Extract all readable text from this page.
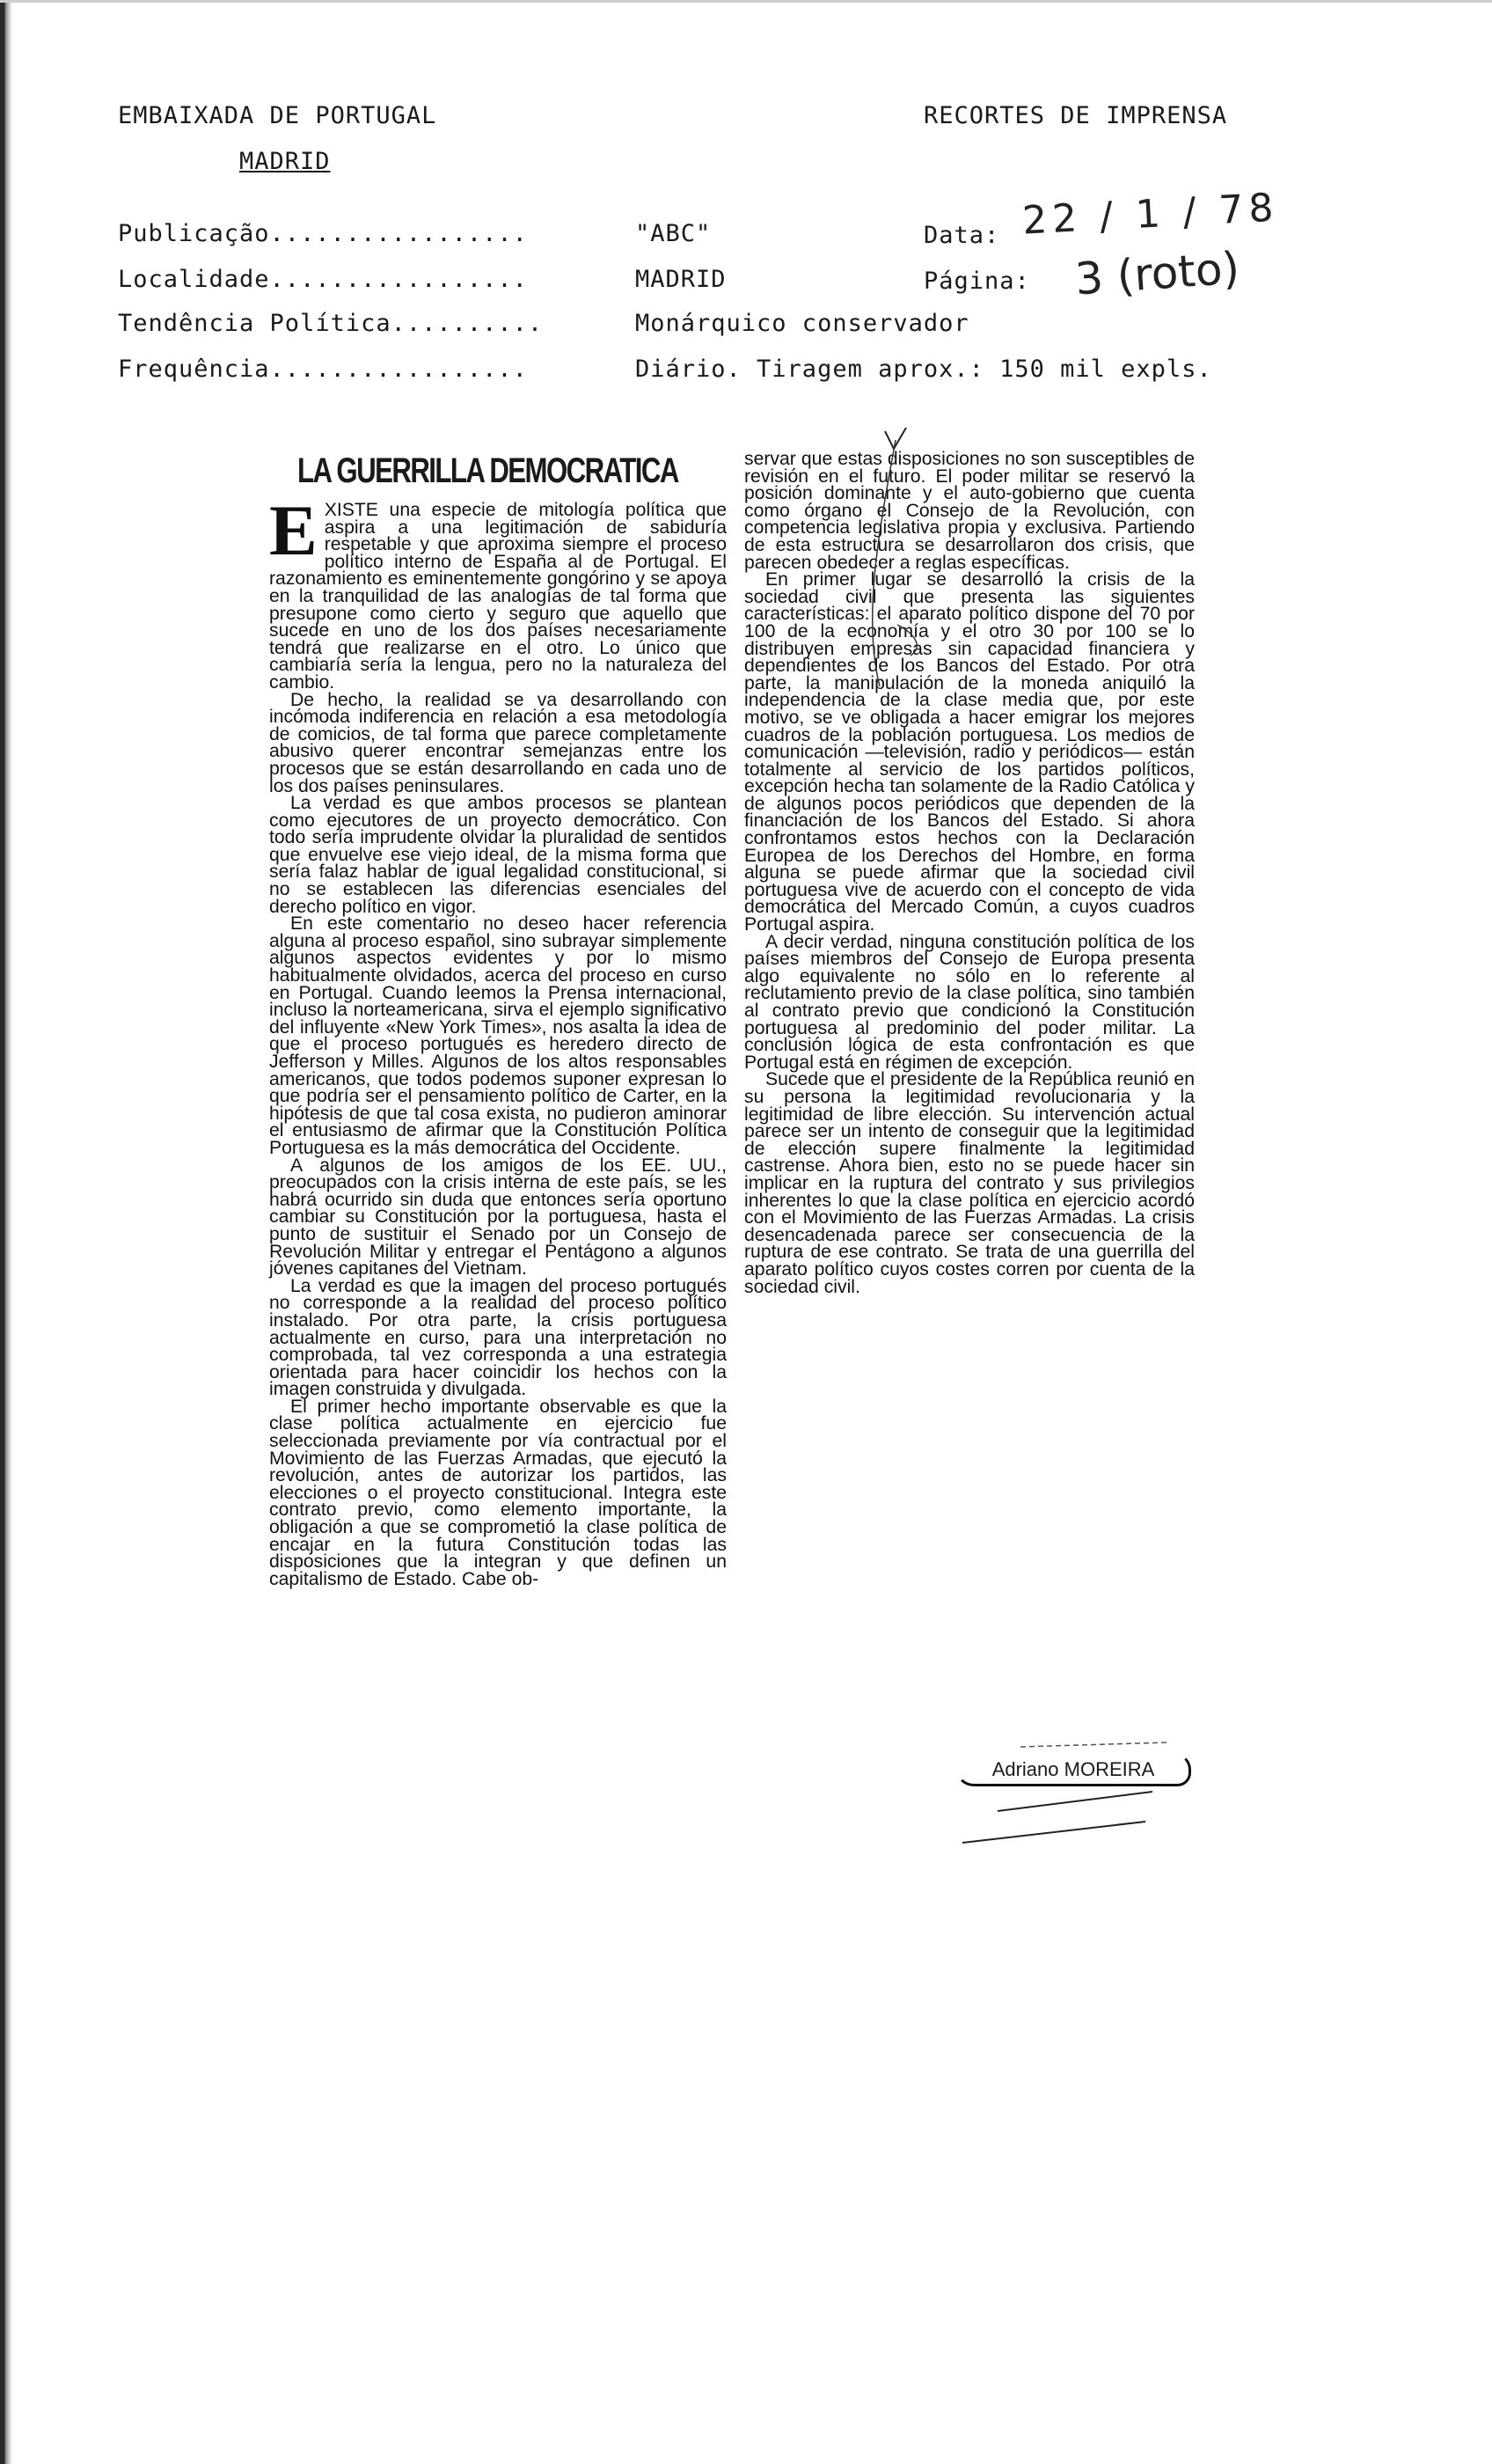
EMBAIXADA DE PORTUGAL
MADRID
RECORTES DE IMPRENSA
Publicação.................	"ABC"	Data: 22 / 1 / 78
Localidade.................	MADRID	Página: 3 (roto)
Tendência Política..........	Monárquico conservador
Frequência.................	Diário. Tiragem aprox.: 150 mil expls.
LA GUERRILLA DEMOCRATICA

EXISTE una especie de mitología política que aspira a una legitimación de sabiduría respetable y que aproxima siempre el proceso político interno de España al de Portugal. El razonamiento es eminentemente gongórino y se apoya en la tranquilidad de las analogías de tal forma que presupone como cierto y seguro que aquello que sucede en uno de los dos países necesariamente tendrá que realizarse en el otro. Lo único que cambiaría sería la lengua, pero no la naturaleza del cambio.

De hecho, la realidad se va desarrollando con incómoda indiferencia en relación a esa metodología de comicios, de tal forma que parece completamente abusivo querer encontrar semejanzas entre los procesos que se están desarrollando en cada uno de los dos países peninsulares.

La verdad es que ambos procesos se plantean como ejecutores de un proyecto democrático. Con todo sería imprudente olvidar la pluralidad de sentidos que envuelve ese viejo ideal, de la misma forma que sería falaz hablar de igual legalidad constitucional, si no se establecen las diferencias esenciales del derecho político en vigor.

En este comentario no deseo hacer referencia alguna al proceso español, sino subrayar simplemente algunos aspectos evidentes y por lo mismo habitualmente olvidados, acerca del proceso en curso en Portugal. Cuando leemos la Prensa internacional, incluso la norteamericana, sirva el ejemplo significativo del influyente «New York Times», nos asalta la idea de que el proceso portugués es heredero directo de Jefferson y Milles. Algunos de los altos responsables americanos, que todos podemos suponer expresan lo que podría ser el pensamiento político de Carter, en la hipótesis de que tal cosa exista, no pudieron aminorar el entusiasmo de afirmar que la Constitución Política Portuguesa es la más democrática del Occidente.

A algunos de los amigos de los EE. UU., preocupados con la crisis interna de este país, se les habrá ocurrido sin duda que entonces sería oportuno cambiar su Constitución por la portuguesa, hasta el punto de sustituir el Senado por un Consejo de Revolución Militar y entregar el Pentágono a algunos jóvenes capitanes del Vietnam.

La verdad es que la imagen del proceso portugués no corresponde a la realidad del proceso político instalado. Por otra parte, la crisis portuguesa actualmente en curso, para una interpretación no comprobada, tal vez corresponda a una estrategia orientada para hacer coincidir los hechos con la imagen construida y divulgada.

El primer hecho importante observable es que la clase política actualmente en ejercicio fue seleccionada previamente por vía contractual por el Movimiento de las Fuerzas Armadas, que ejecutó la revolución, antes de autorizar los partidos, las elecciones o el proyecto constitucional. Integra este contrato previo, como elemento importante, la obligación a que se comprometió la clase política de encajar en la futura Constitución todas las disposiciones que la integran y que definen un capitalismo de Estado. Cabe ob-

servar que estas disposiciones no son susceptibles de revisión en el futuro. El poder militar se reservó la posición dominante y el auto-gobierno que cuenta como órgano el Consejo de la Revolución, con competencia legislativa propia y exclusiva. Partiendo de esta estructura se desarrollaron dos crisis, que parecen obedecer a reglas específicas.

En primer lugar se desarrolló la crisis de la sociedad civil que presenta las siguientes características: el aparato político dispone del 70 por 100 de la economía y el otro 30 por 100 se lo distribuyen empresas sin capacidad financiera y dependientes de los Bancos del Estado. Por otra parte, la manipulación de la moneda aniquiló la independencia de la clase media que, por este motivo, se ve obligada a hacer emigrar los mejores cuadros de la población portuguesa. Los medios de comunicación —televisión, radio y periódicos— están totalmente al servicio de los partidos políticos, excepción hecha tan solamente de la Radio Católica y de algunos pocos periódicos que dependen de la financiación de los Bancos del Estado. Si ahora confrontamos estos hechos con la Declaración Europea de los Derechos del Hombre, en forma alguna se puede afirmar que la sociedad civil portuguesa vive de acuerdo con el concepto de vida democrática del Mercado Común, a cuyos cuadros Portugal aspira.

A decir verdad, ninguna constitución política de los países miembros del Consejo de Europa presenta algo equivalente no sólo en lo referente al reclutamiento previo de la clase política, sino también al contrato previo que condicionó la Constitución portuguesa al predominio del poder militar. La conclusión lógica de esta confrontación es que Portugal está en régimen de excepción.

Sucede que el presidente de la República reunió en su persona la legitimidad revolucionaria y la legitimidad de libre elección. Su intervención actual parece ser un intento de conseguir que la legitimidad de elección supere finalmente la legitimidad castrense. Ahora bien, esto no se puede hacer sin implicar en la ruptura del contrato y sus privilegios inherentes lo que la clase política en ejercicio acordó con el Movimiento de las Fuerzas Armadas. La crisis desencadenada parece ser consecuencia de la ruptura de ese contrato. Se trata de una guerrilla del aparato político cuyos costes corren por cuenta de la sociedad civil.

Adriano MOREIRA
